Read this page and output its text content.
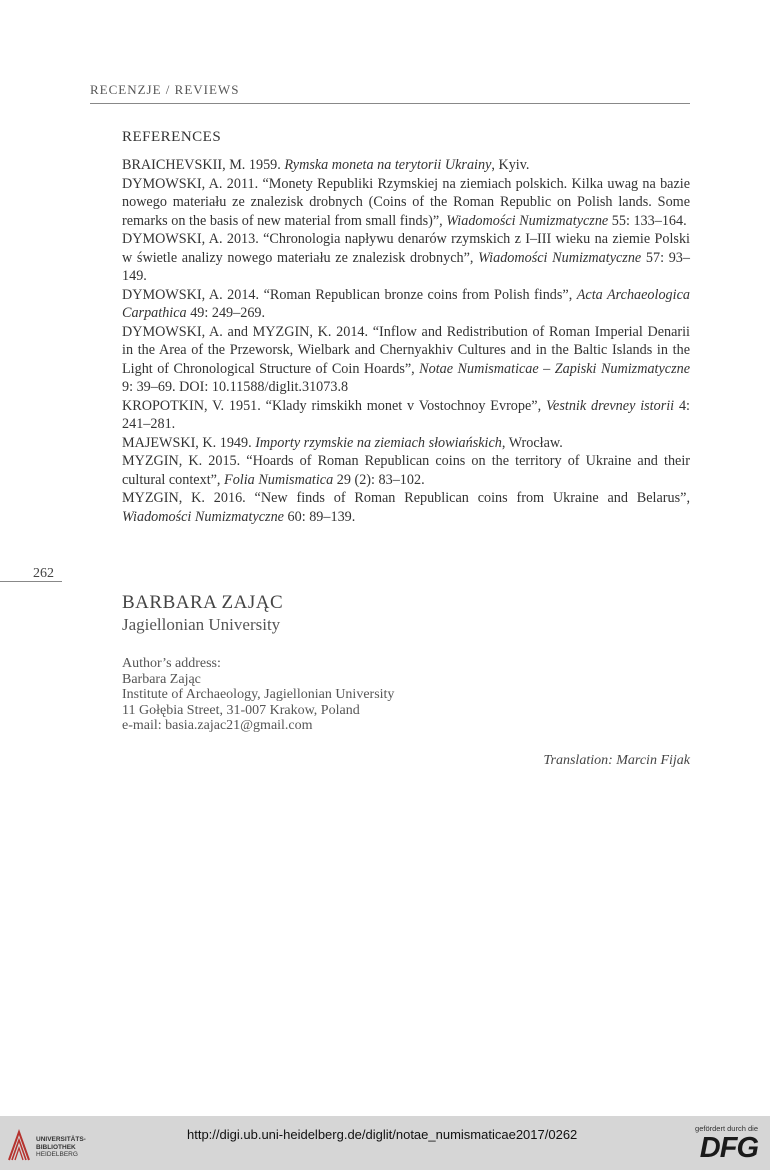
RECENZJE / REVIEWS
REFERENCES

BRAICHEVSKII, M. 1959. Rymska moneta na terytorii Ukrainy, Kyiv.

DYMOWSKI, A. 2011. “Monety Republiki Rzymskiej na ziemiach polskich. Kilka uwag na bazie nowego materiału ze znalezisk drobnych (Coins of the Roman Republic on Polish lands. Some remarks on the basis of new material from small finds)”, Wiadomości Numizmatyczne 55: 133–164.

DYMOWSKI, A. 2013. “Chronologia napływu denarów rzymskich z I–III wieku na ziemie Polski w świetle analizy nowego materiału ze znalezisk drobnych”, Wiadomości Numizmatyczne 57: 93–149.

DYMOWSKI, A. 2014. “Roman Republican bronze coins from Polish finds”, Acta Archaeologica Carpathica 49: 249–269.

DYMOWSKI, A. and MYZGIN, K. 2014. “Inflow and Redistribution of Roman Imperial Denarii in the Area of the Przeworsk, Wielbark and Chernyakhiv Cultures and in the Baltic Islands in the Light of Chronological Structure of Coin Hoards”, Notae Numismaticae – Zapiski Numizmatyczne 9: 39–69. DOI: 10.11588/diglit.31073.8

KROPOTKIN, V. 1951. “Klady rimskikh monet v Vostochnoy Evrope”, Vestnik drevney istorii 4: 241–281.

MAJEWSKI, K. 1949. Importy rzymskie na ziemiach słowiańskich, Wrocław.

MYZGIN, K. 2015. “Hoards of Roman Republican coins on the territory of Ukraine and their cultural context”, Folia Numismatica 29 (2): 83–102.

MYZGIN, K. 2016. “New finds of Roman Republican coins from Ukraine and Belarus”, Wiadomości Numizmatyczne 60: 89–139.

262
BARBARA ZAJĄC
Jagiellonian University
Author’s address:
Barbara Zając
Institute of Archaeology, Jagiellonian University
11 Gołębia Street, 31-007 Krakow, Poland
e-mail: basia.zajac21@gmail.com
Translation: Marcin Fijak
UNIVERSITÄTS-
BIBLIOTHEK
HEIDELBERG
http://digi.ub.uni-heidelberg.de/diglit/notae_numismaticae2017/0262	gefördert durch die
DFG
